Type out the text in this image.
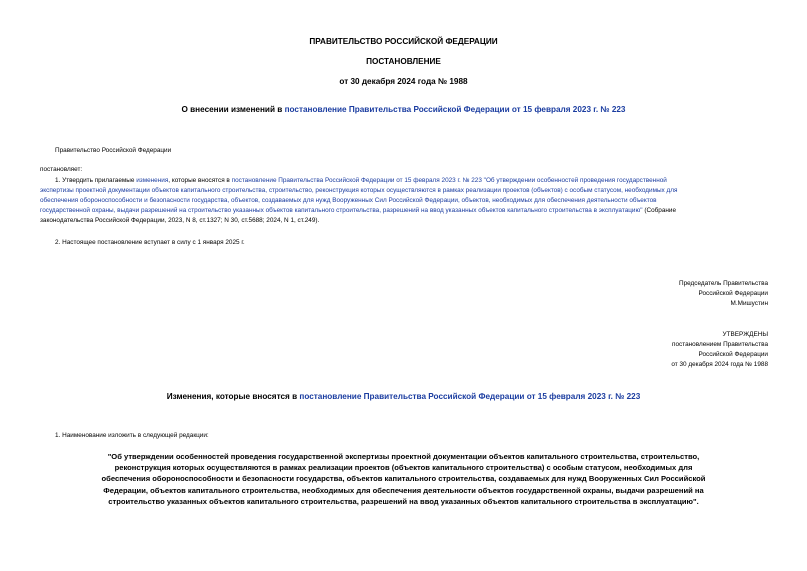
ПРАВИТЕЛЬСТВО РОССИЙСКОЙ ФЕДЕРАЦИИ
ПОСТАНОВЛЕНИЕ
от 30 декабря 2024 года № 1988
О внесении изменений в постановление Правительства Российской Федерации от 15 февраля 2023 г. № 223
Правительство Российской Федерации
постановляет:
1. Утвердить прилагаемые изменения, которые вносятся в постановление Правительства Российской Федерации от 15 февраля 2023 г. № 223 "Об утверждении особенностей проведения государственной
экспертизы проектной документации объектов капитального строительства, строительство, реконструкция которых осуществляются в рамках реализации проектов (объектов) с особым статусом, необходимых для
обеспечения обороноспособности и безопасности государства, объектов, создаваемых для нужд Вооруженных Сил Российской Федерации, объектов, необходимых для обеспечения деятельности объектов
государственной охраны, выдачи разрешений на строительство указанных объектов капитального строительства, разрешений на ввод указанных объектов капитального строительства в эксплуатацию" (Собрание
законодательства Российской Федерации, 2023, N 8, ст.1327; N 30, ст.5688; 2024, N 1, ст.249).
2. Настоящее постановление вступает в силу с 1 января 2025 г.
Председатель Правительства
Российской Федерации
М.Мишустин
УТВЕРЖДЕНЫ
постановлением Правительства
Российской Федерации
от 30 декабря 2024 года № 1988
Изменения, которые вносятся в постановление Правительства Российской Федерации от 15 февраля 2023 г. № 223
1. Наименование изложить в следующей редакции:
"Об утверждении особенностей проведения государственной экспертизы проектной документации объектов капитального строительства, строительство,
реконструкция которых осуществляются в рамках реализации проектов (объектов капитального строительства) с особым статусом, необходимых для
обеспечения обороноспособности и безопасности государства, объектов капитального строительства, создаваемых для нужд Вооруженных Сил Российской
Федерации, объектов капитального строительства, необходимых для обеспечения деятельности объектов государственной охраны, выдачи разрешений на
строительство указанных объектов капитального строительства, разрешений на ввод указанных объектов капитального строительства в эксплуатацию".
